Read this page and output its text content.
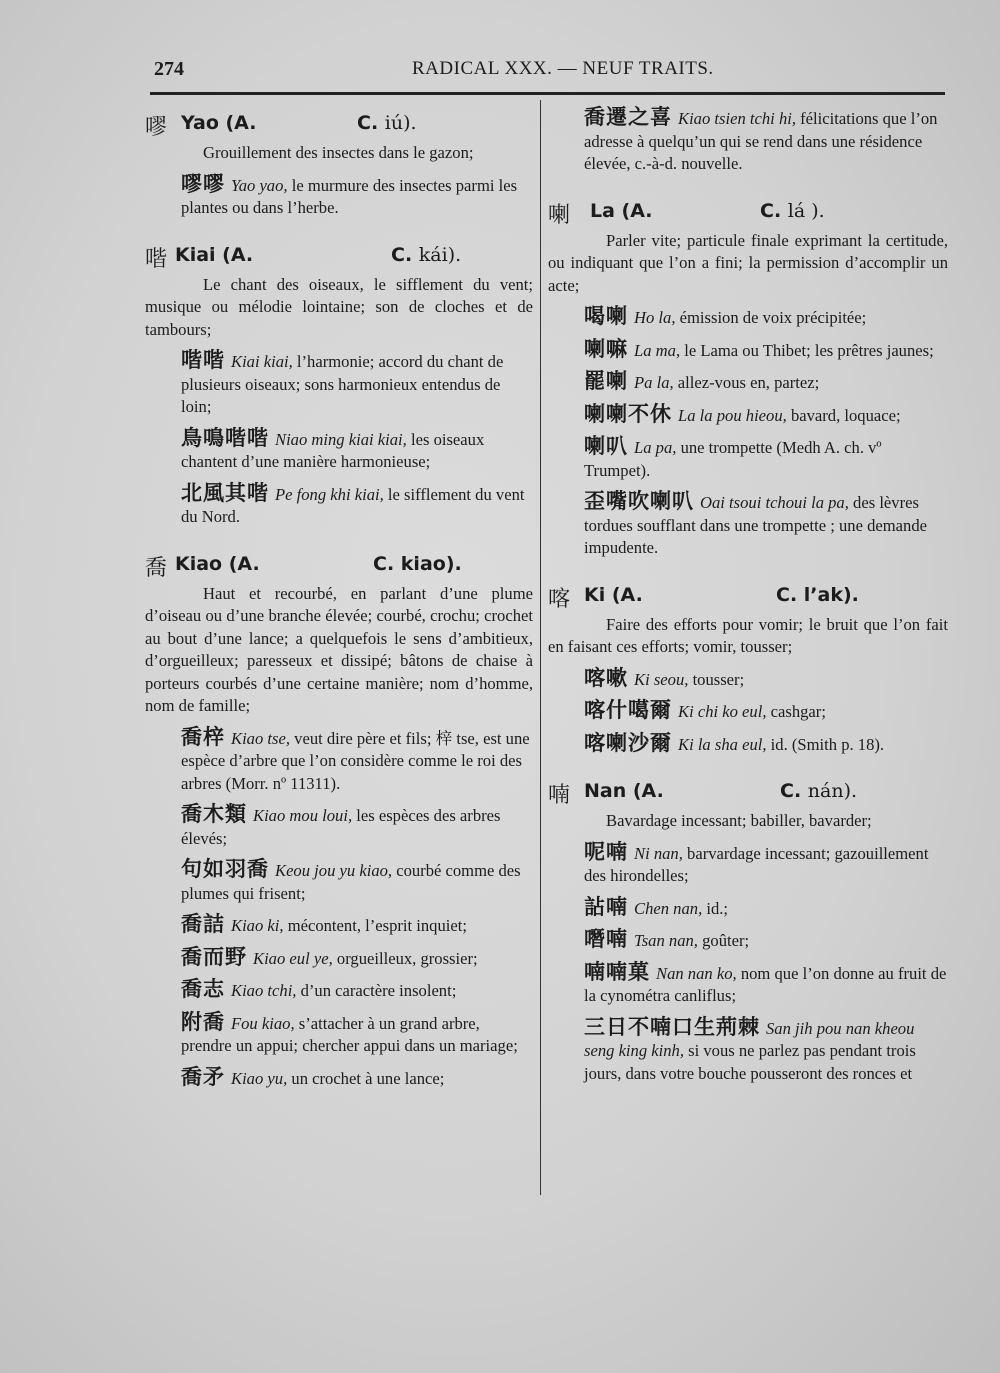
274	RADICAL XXX. — NEUF TRAITS.
嘐 Yao (A.	C. iú).

Grouillement des insectes dans le gazon;

嘐嘐 Yao yao, le murmure des insectes parmi les plantes ou dans l’herbe.

喈 Kiai (A.	C. kái).

Le chant des oiseaux, le sifflement du vent; musique ou mélodie lointaine; son de cloches et de tambours;

喈喈 Kiai kiai, l’harmonie; accord du chant de plusieurs oiseaux; sons harmonieux entendus de loin;

鳥鳴喈喈 Niao ming kiai kiai, les oiseaux chantent d’une manière harmonieuse;

北風其喈 Pe fong khi kiai, le sifflement du vent du Nord.

喬 Kiao (A.	C. kiao).

Haut et recourbé, en parlant d’une plume d’oiseau ou d’une branche élevée; courbé, crochu; crochet au bout d’une lance; a quelquefois le sens d’ambitieux, d’orgueilleux; paresseux et dissipé; bâtons de chaise à porteurs courbés d’une certaine manière; nom d’homme, nom de famille;

喬梓 Kiao tse, veut dire père et fils; 梓 tse, est une espèce d’arbre que l’on considère comme le roi des arbres (Morr. nº 11311).

喬木類 Kiao mou loui, les espèces des arbres élevés;

句如羽喬 Keou jou yu kiao, courbé comme des plumes qui frisent;

喬詰 Kiao ki, mécontent, l’esprit inquiet;

喬而野 Kiao eul ye, orgueilleux, grossier;

喬志 Kiao tchi, d’un caractère insolent;

附喬 Fou kiao, s’attacher à un grand arbre, prendre un appui; chercher appui dans un mariage;

喬矛 Kiao yu, un crochet à une lance;

喬遷之喜 Kiao tsien tchi hi, félicitations que l’on adresse à quelqu’un qui se rend dans une résidence élevée, c.-à-d. nouvelle.

喇 La (A.	C. lá ).

Parler vite; particule finale exprimant la certitude, ou indiquant que l’on a fini; la permission d’accomplir un acte;

喝喇 Ho la, émission de voix précipitée;

喇嘛 La ma, le Lama ou Thibet; les prêtres jaunes;

罷喇 Pa la, allez-vous en, partez;

喇喇不休 La la pou hieou, bavard, loquace;

喇叭 La pa, une trompette (Medh A. ch. vº Trumpet).

歪嘴吹喇叭 Oai tsoui tchoui la pa, des lèvres tordues soufflant dans une trompette ; une demande impudente.

喀 Ki (A.	C. l’ak).

Faire des efforts pour vomir; le bruit que l’on fait en faisant ces efforts; vomir, tousser;

喀嗽 Ki seou, tousser;

喀什噶爾 Ki chi ko eul, cashgar;

喀喇沙爾 Ki la sha eul, id. (Smith p. 18).

喃 Nan (A.	C. nán).

Bavardage incessant; babiller, bavarder;

呢喃 Ni nan, barvardage incessant; gazouillement des hirondelles;

詀喃 Chen nan, id.;

噆喃 Tsan nan, goûter;

喃喃菓 Nan nan ko, nom que l’on donne au fruit de la cynométra canliflus;

三日不喃口生荊棘 San jih pou nan kheou seng king kinh, si vous ne parlez pas pendant trois jours, dans votre bouche pousseront des ronces et
